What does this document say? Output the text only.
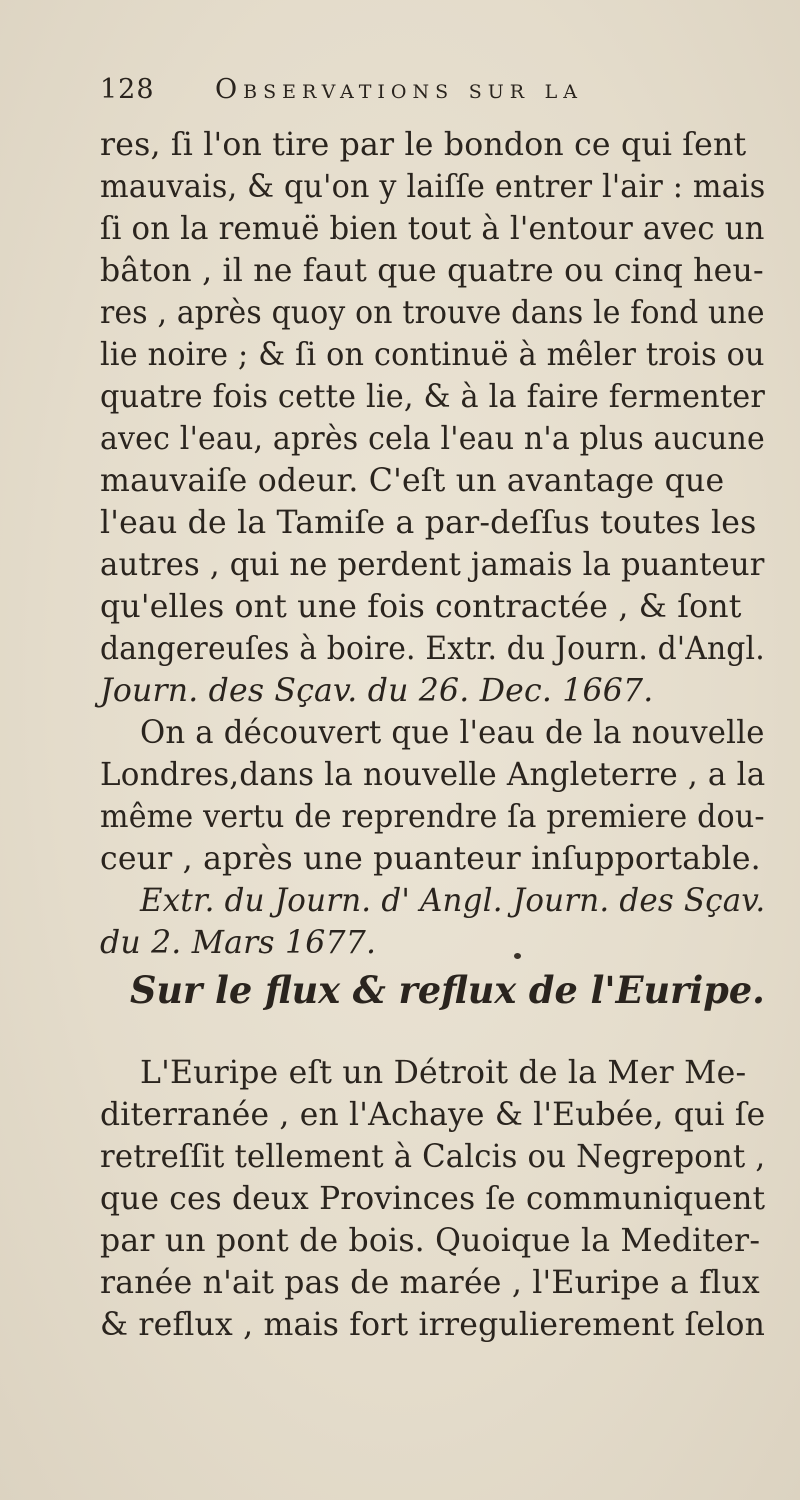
128 Observations sur la
res, ſi l'on tire par le bondon ce qui ſent
mauvais, & qu'on y laiſſe entrer l'air : mais
ſi on la remuë bien tout à l'entour avec un
bâton , il ne faut que quatre ou cinq heu-
res , après quoy on trouve dans le fond une
lie noire ; & ſi on continuë à mêler trois ou
quatre fois cette lie, & à la faire fermenter
avec l'eau, après cela l'eau n'a plus aucune
mauvaiſe odeur. C'eſt un avantage que
l'eau de la Tamiſe a par-deſſus toutes les
autres , qui ne perdent jamais la puanteur
qu'elles ont une fois contractée , & ſont
dangereuſes à boire. Extr. du Journ. d'Angl.
Journ. des Sçav. du 26. Dec. 1667.
On a découvert que l'eau de la nouvelle
Londres,dans la nouvelle Angleterre , a la
même vertu de reprendre ſa premiere dou-
ceur , après une puanteur inſupportable.
Extr. du Journ. d' Angl. Journ. des Sçav.
du 2. Mars 1677.
Sur le flux & reflux de l'Euripe.
L'Euripe eſt un Détroit de la Mer Me-
diterranée , en l'Achaye & l'Eubée, qui ſe
retreſſit tellement à Calcis ou Negrepont ,
que ces deux Provinces ſe communiquent
par un pont de bois. Quoique la Mediter-
ranée n'ait pas de marée , l'Euripe a flux
& reflux , mais fort irregulierement ſelon
